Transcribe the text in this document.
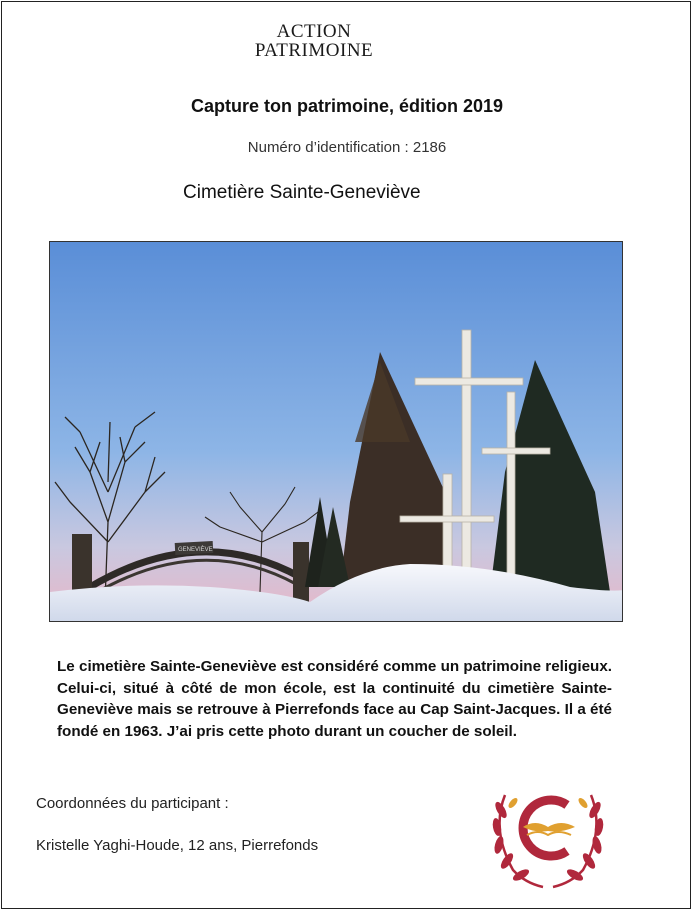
ACTION
PATRIMOINE
Capture ton patrimoine, édition 2019
Numéro d’identification : 2186
Cimetière Sainte-Geneviève
GENEVIÈVE
Le cimetière Sainte-Geneviève est considéré comme un patrimoine religieux. Celui-ci, situé à côté de mon école, est la continuité du cimetière Sainte-Geneviève mais se retrouve à Pierrefonds face au Cap Saint-Jacques. Il a été fondé en 1963. J’ai pris cette photo durant un coucher de soleil.
Coordonnées du participant :
Kristelle Yaghi-Houde, 12 ans, Pierrefonds
